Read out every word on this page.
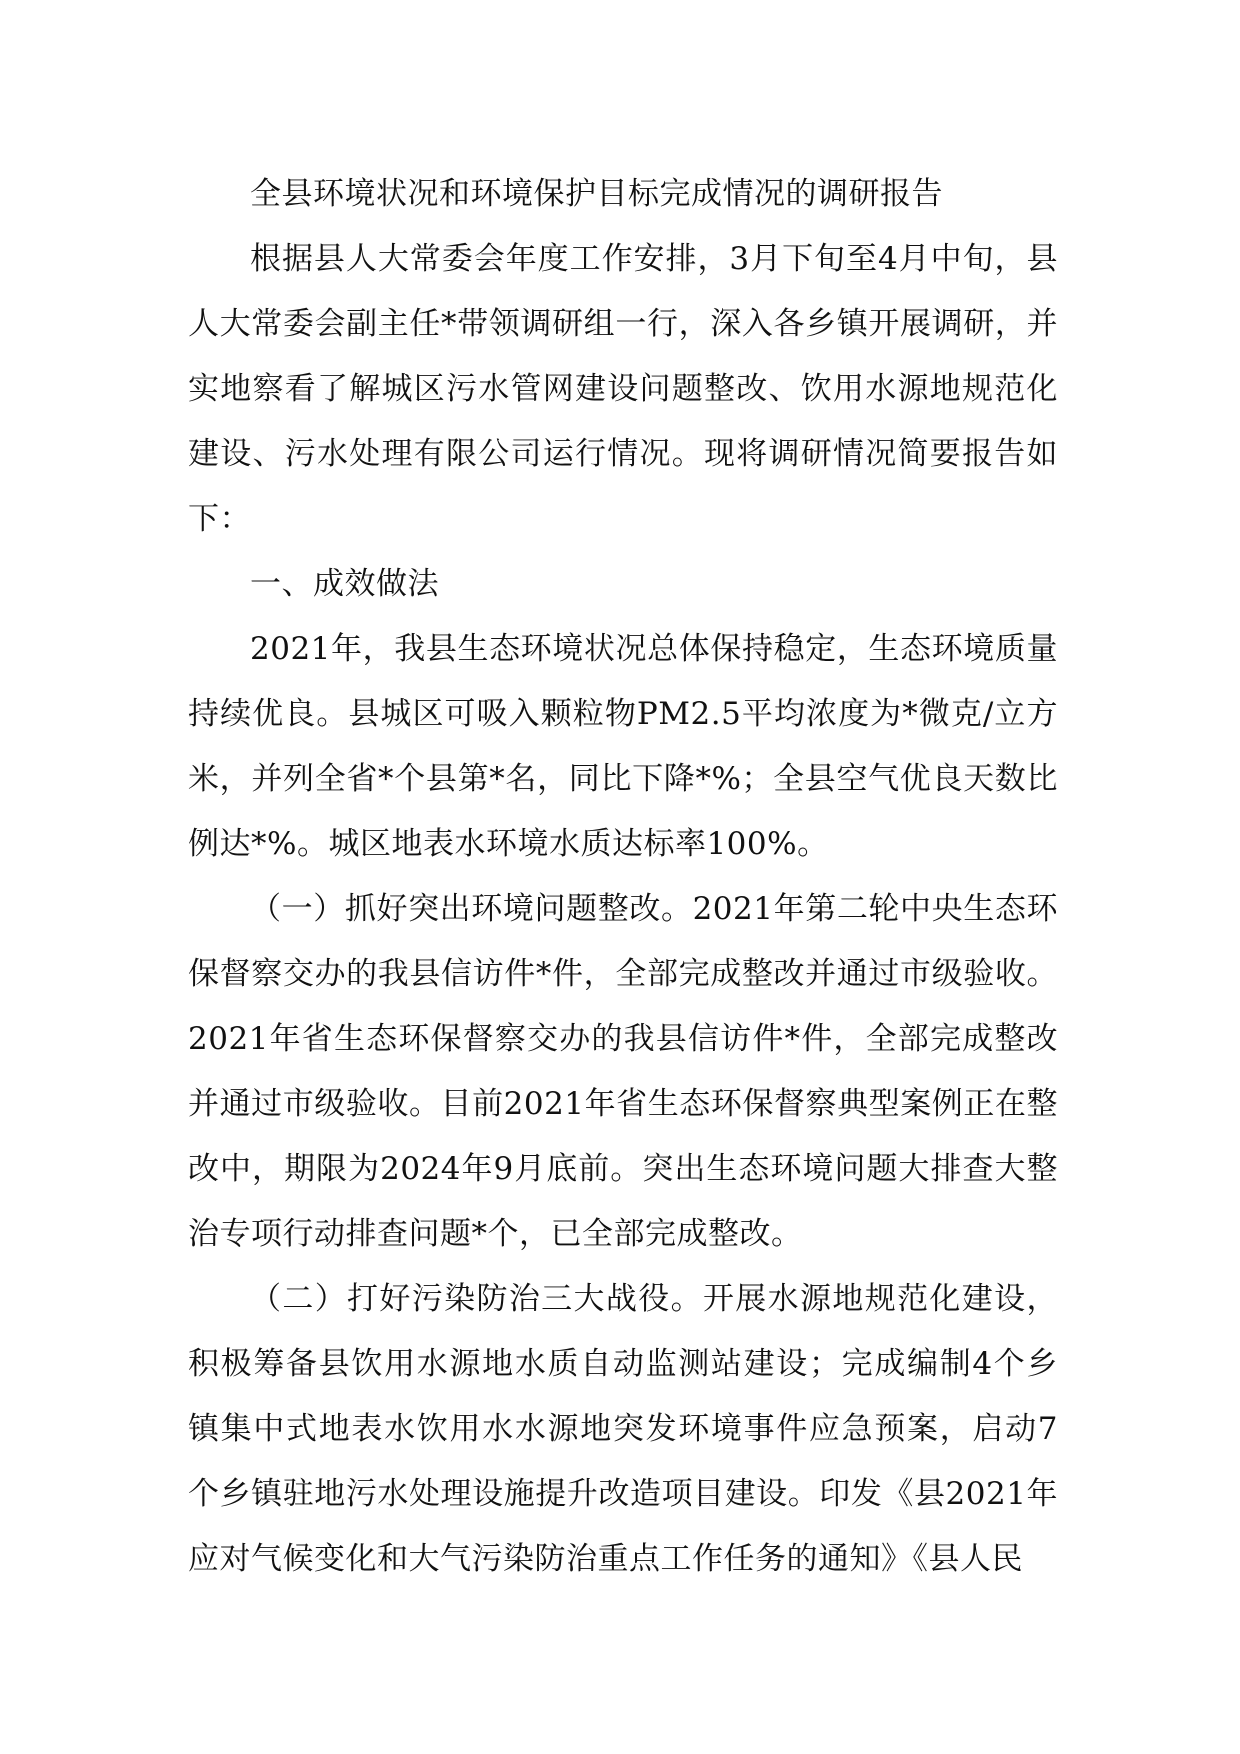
全县环境状况和环境保护目标完成情况的调研报告

根据县人大常委会年度工作安排，3月下旬至4月中旬，县人大常委会副主任*带领调研组一行，深入各乡镇开展调研，并实地察看了解城区污水管网建设问题整改、饮用水源地规范化建设、污水处理有限公司运行情况。现将调研情况简要报告如下：

一、成效做法

2021年，我县生态环境状况总体保持稳定，生态环境质量持续优良。县城区可吸入颗粒物PM2.5平均浓度为*微克/立方米，并列全省*个县第*名，同比下降*%；全县空气优良天数比例达*%。城区地表水环境水质达标率100%。

（一）抓好突出环境问题整改。2021年第二轮中央生态环保督察交办的我县信访件*件，全部完成整改并通过市级验收。2021年省生态环保督察交办的我县信访件*件，全部完成整改并通过市级验收。目前2021年省生态环保督察典型案例正在整改中，期限为2024年9月底前。突出生态环境问题大排查大整治专项行动排查问题*个，已全部完成整改。

（二）打好污染防治三大战役。开展水源地规范化建设，积极筹备县饮用水源地水质自动监测站建设；完成编制4个乡镇集中式地表水饮用水水源地突发环境事件应急预案，启动7个乡镇驻地污水处理设施提升改造项目建设。印发《县2021年应对气候变化和大气污染防治重点工作任务的通知》《县人民
